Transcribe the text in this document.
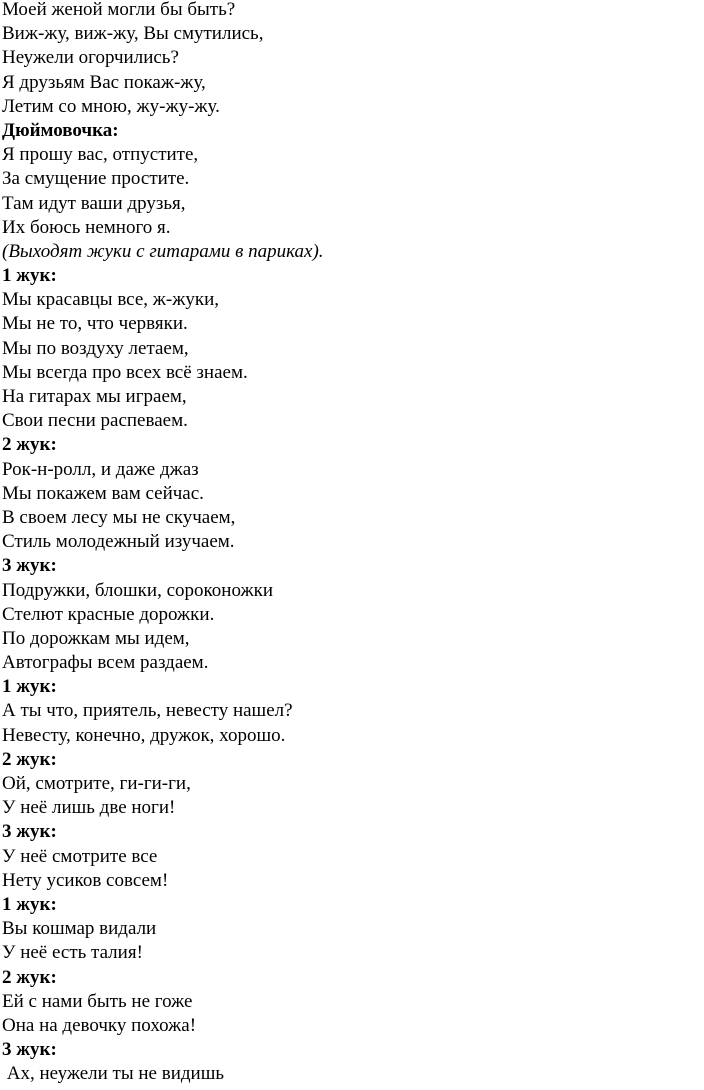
Моей женой могли бы быть?
Виж-жу, виж-жу, Вы смутились,
Неужели огорчились?
Я друзьям Вас покаж-жу,
Летим со мною, жу-жу-жу.
Дюймовочка:
Я прошу вас, отпустите,
За смущение простите.
Там идут ваши друзья,
Их боюсь немного я.
(Выходят жуки с гитарами в париках).
1 жук:
Мы красавцы все, ж-жуки,
Мы не то, что червяки.
Мы по воздуху летаем,
Мы всегда про всех всё знаем.
На гитарах мы играем,
Свои песни распеваем.
2 жук:
Рок-н-ролл, и даже джаз
Мы покажем вам сейчас.
В своем лесу мы не скучаем,
Стиль молодежный изучаем.
3 жук:
Подружки, блошки, сороконожки
Стелют красные дорожки.
По дорожкам мы идем,
Автографы всем раздаем.
1 жук:
А ты что, приятель, невесту нашел?
Невесту, конечно, дружок, хорошо.
2 жук:
Ой, смотрите, ги-ги-ги,
У неё лишь две ноги!
3 жук:
У неё смотрите все
Нету усиков совсем!
1 жук:
Вы кошмар видали
У неё есть талия!
2 жук:
Ей с нами быть не гоже
Она на девочку похожа!
3 жук:
Ах, неужели ты не видишь
